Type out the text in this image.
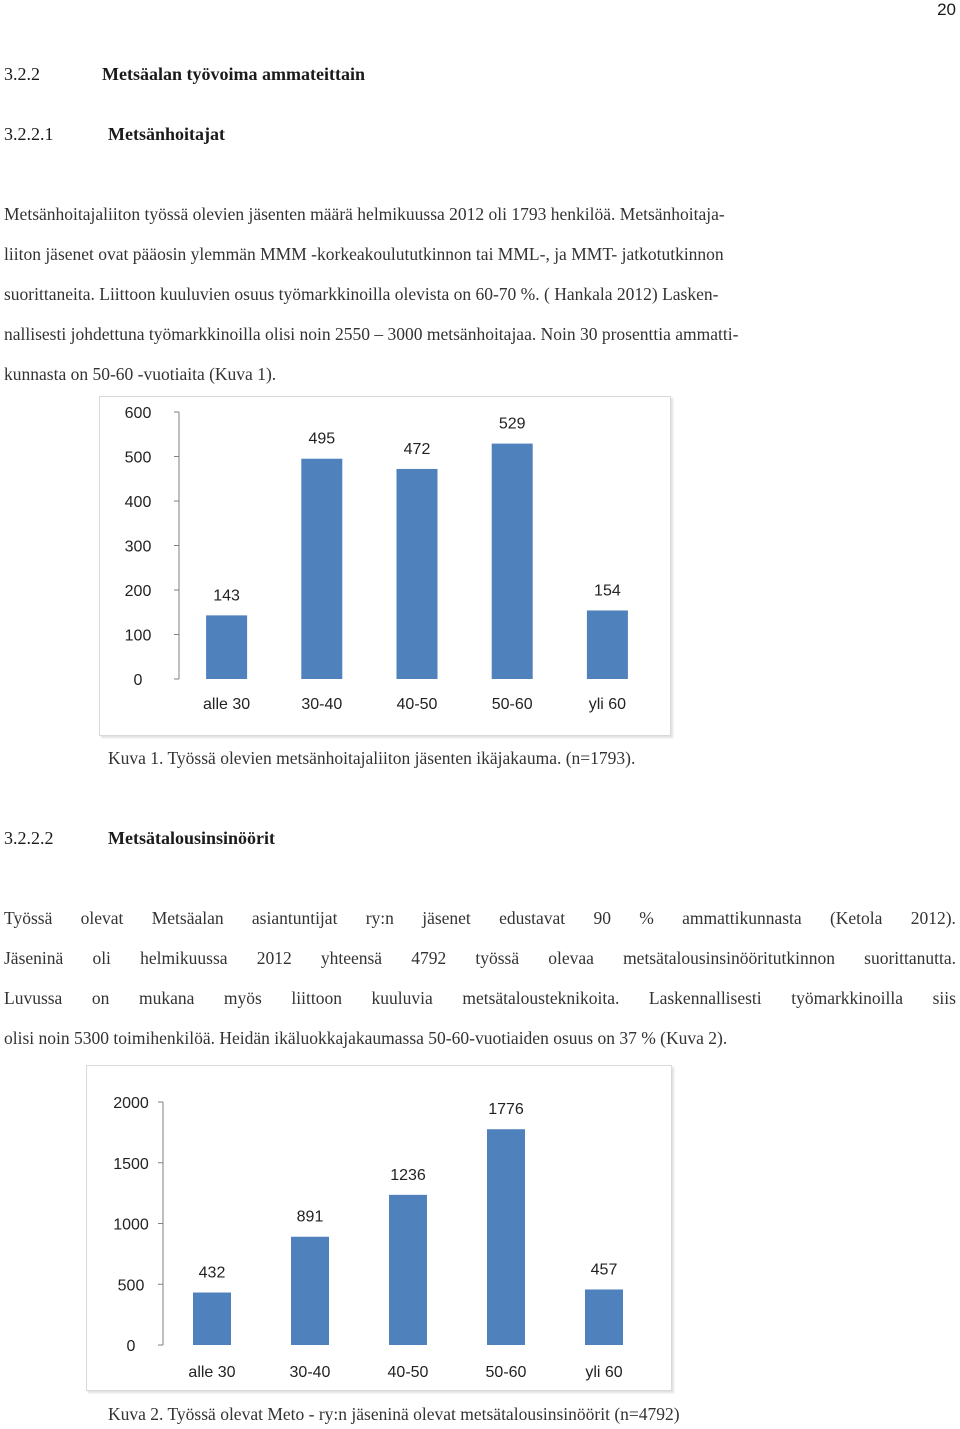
20
3.2.2	Metsäalan työvoima ammateittain
3.2.2.1	Metsänhoitajat
Metsänhoitajaliiton työssä olevien jäsenten määrä helmikuussa 2012 oli 1793 henkilöä. Metsänhoitaja-
liiton jäsenet ovat pääosin ylemmän MMM -korkeakoulututkinnon tai MML-, ja MMT- jatkotutkinnon
suorittaneita. Liittoon kuuluvien osuus työmarkkinoilla olevista on 60-70 %. ( Hankala 2012) Lasken-
nallisesti johdettuna työmarkkinoilla olisi noin 2550 – 3000 metsänhoitajaa. Noin 30 prosenttia ammatti-
kunnasta on 50-60 -vuotiaita (Kuva 1).
0
100
200
300
400
500
600
143
alle 30
495
30-40
472
40-50
529
50-60
154
yli 60
Kuva 1. Työssä olevien metsänhoitajaliiton jäsenten ikäjakauma. (n=1793).
3.2.2.2	Metsätalousinsinöörit
Työssä olevat Metsäalan asiantuntijat ry:n jäsenet edustavat 90 % ammattikunnasta (Ketola 2012).
Jäseninä oli helmikuussa 2012 yhteensä 4792 työssä olevaa metsätalousinsinööritutkinnon suorittanutta.
Luvussa on mukana myös liittoon kuuluvia metsätalousteknikoita. Laskennallisesti työmarkkinoilla siis
olisi noin 5300 toimihenkilöä. Heidän ikäluokkajakaumassa 50-60-vuotiaiden osuus on 37 % (Kuva 2).
0
500
1000
1500
2000
432
alle 30
891
30-40
1236
40-50
1776
50-60
457
yli 60
Kuva 2. Työssä olevat Meto - ry:n jäseninä olevat metsätalousinsinöörit (n=4792)
